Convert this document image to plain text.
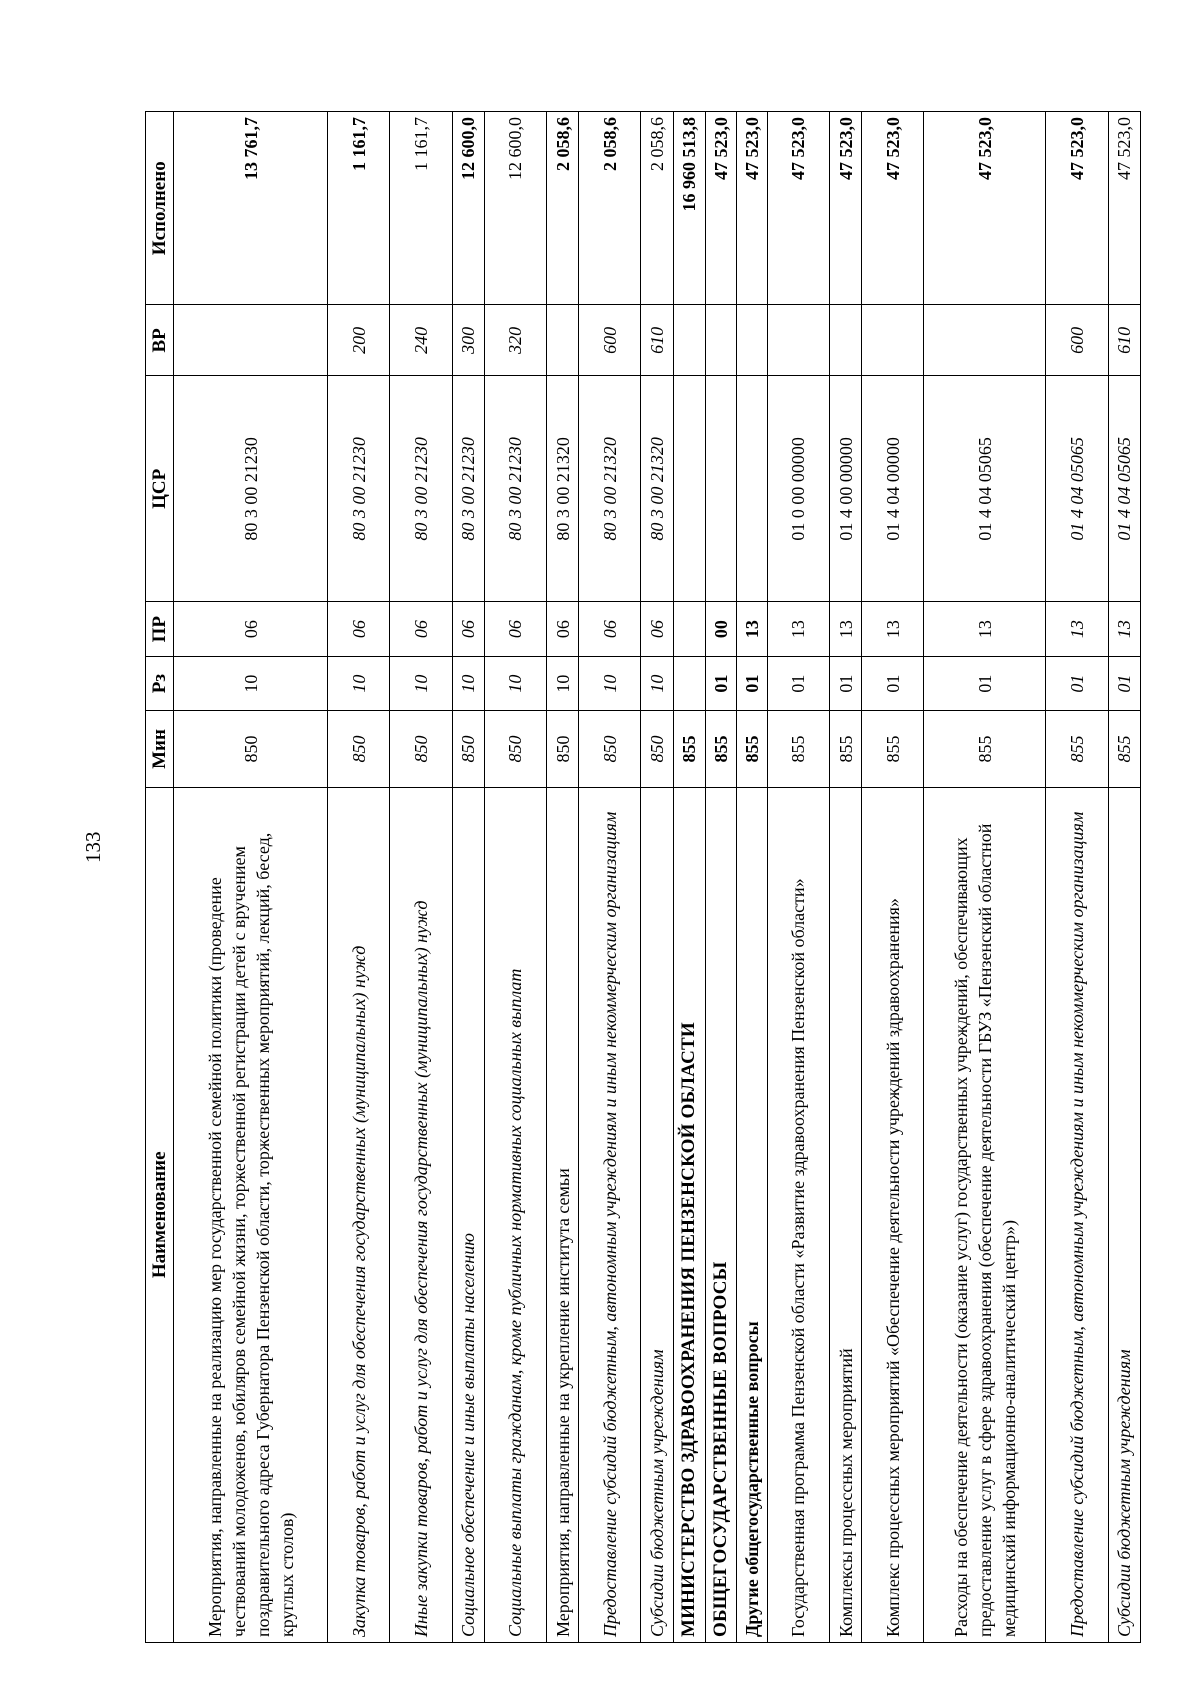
133
Наименование	Мин	Рз	ПР	ЦСР	ВР	Исполнено
Мероприятия, направленные на реализацию мер государственной семейной политики (проведение чествований молодоженов, юбиляров семейной жизни, торжественной регистрации детей с вручением поздравительного адреса Губернатора Пензенской области, торжественных мероприятий, лекций, бесед, круглых столов)	850	10	06	80 3 00 21230		13 761,7
Закупка товаров, работ и услуг для обеспечения государственных (муниципальных) нужд	850	10	06	80 3 00 21230	200	1 161,7
Иные закупки товаров, работ и услуг для обеспечения государственных (муниципальных) нужд	850	10	06	80 3 00 21230	240	1 161,7
Социальное обеспечение и иные выплаты населению	850	10	06	80 3 00 21230	300	12 600,0
Социальные выплаты гражданам, кроме публичных нормативных социальных выплат	850	10	06	80 3 00 21230	320	12 600,0
Мероприятия, направленные на укрепление института семьи	850	10	06	80 3 00 21320		2 058,6
Предоставление субсидий бюджетным, автономным учреждениям и иным некоммерческим организациям	850	10	06	80 3 00 21320	600	2 058,6
Субсидии бюджетным учреждениям	850	10	06	80 3 00 21320	610	2 058,6
МИНИСТЕРСТВО ЗДРАВООХРАНЕНИЯ ПЕНЗЕНСКОЙ ОБЛАСТИ	855					16 960 513,8
ОБЩЕГОСУДАРСТВЕННЫЕ ВОПРОСЫ	855	01	00			47 523,0
Другие общегосударственные вопросы	855	01	13			47 523,0
Государственная программа Пензенской области «Развитие здравоохранения Пензенской области»	855	01	13	01 0 00 00000		47 523,0
Комплексы процессных мероприятий	855	01	13	01 4 00 00000		47 523,0
Комплекс процессных мероприятий «Обеспечение деятельности учреждений здравоохранения»	855	01	13	01 4 04 00000		47 523,0
Расходы на обеспечение деятельности (оказание услуг) государственных учреждений, обеспечивающих предоставление услуг в сфере здравоохранения (обеспечение деятельности ГБУЗ «Пензенский областной медицинский информационно-аналитический центр»)	855	01	13	01 4 04 05065		47 523,0
Предоставление субсидий бюджетным, автономным учреждениям и иным некоммерческим организациям	855	01	13	01 4 04 05065	600	47 523,0
Субсидии бюджетным учреждениям	855	01	13	01 4 04 05065	610	47 523,0
